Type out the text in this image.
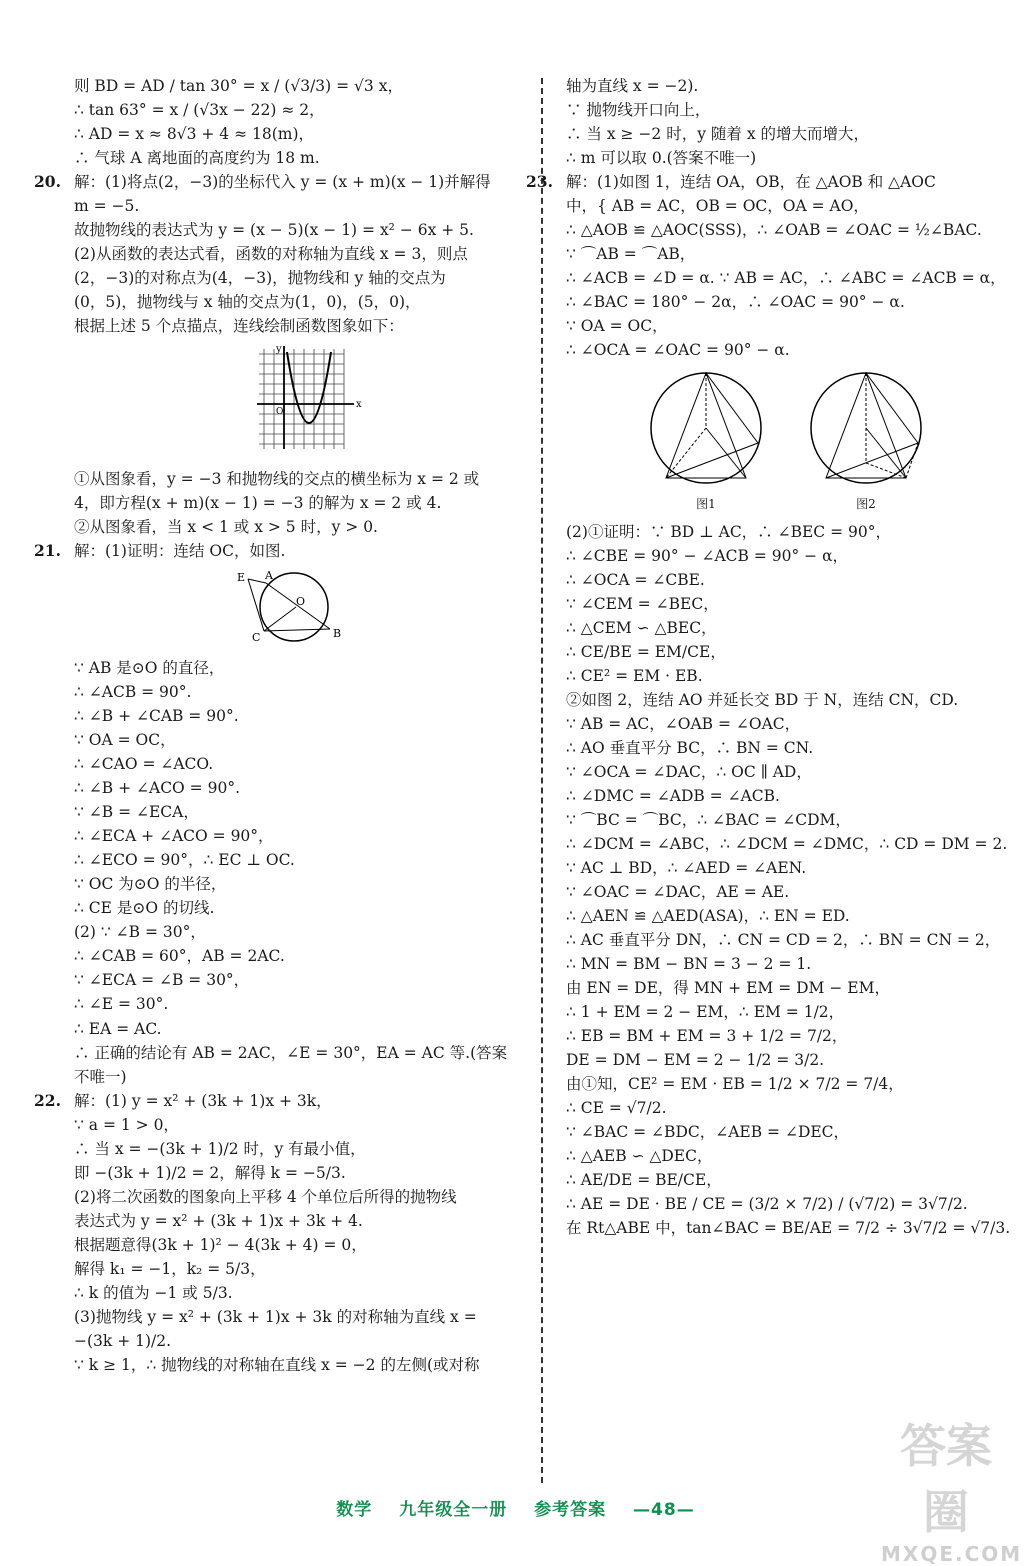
则 BD = AD / tan 30° = x / (√3/3) = √3 x，

∴ tan 63° = x / (√3x − 22) ≈ 2，

∴ AD = x ≈ 8√3 + 4 ≈ 18(m)，

∴ 气球 A 离地面的高度约为 18 m.

20. 解：(1)将点(2，−3)的坐标代入 y = (x + m)(x − 1)并解得

m = −5.

故抛物线的表达式为 y = (x − 5)(x − 1) = x² − 6x + 5.

(2)从函数的表达式看，函数的对称轴为直线 x = 3，则点

(2，−3)的对称点为(4，−3)，抛物线和 y 轴的交点为

(0，5)，抛物线与 x 轴的交点为(1，0)，(5，0)，

根据上述 5 个点描点，连线绘制函数图象如下：

y
x
O

①从图象看，y = −3 和抛物线的交点的横坐标为 x = 2 或

4，即方程(x + m)(x − 1) = −3 的解为 x = 2 或 4.

②从图象看，当 x < 1 或 x > 5 时，y > 0.

21. 解：(1)证明：连结 OC，如图.

E A
O
C	B

∵ AB 是⊙O 的直径，

∴ ∠ACB = 90°.

∴ ∠B + ∠CAB = 90°.

∵ OA = OC，

∴ ∠CAO = ∠ACO.

∴ ∠B + ∠ACO = 90°.

∵ ∠B = ∠ECA，

∴ ∠ECA + ∠ACO = 90°，

∴ ∠ECO = 90°，∴ EC ⊥ OC.

∵ OC 为⊙O 的半径，

∴ CE 是⊙O 的切线.

(2) ∵ ∠B = 30°，

∴ ∠CAB = 60°，AB = 2AC.

∵ ∠ECA = ∠B = 30°，

∴ ∠E = 30°.

∴ EA = AC.

∴ 正确的结论有 AB = 2AC，∠E = 30°，EA = AC 等.(答案

不唯一)

22. 解：(1) y = x² + (3k + 1)x + 3k，

∵ a = 1 > 0，

∴ 当 x = −(3k + 1)/2 时，y 有最小值，

即 −(3k + 1)/2 = 2，解得 k = −5/3.

(2)将二次函数的图象向上平移 4 个单位后所得的抛物线

表达式为 y = x² + (3k + 1)x + 3k + 4.

根据题意得(3k + 1)² − 4(3k + 4) = 0，

解得 k₁ = −1，k₂ = 5/3，

∴ k 的值为 −1 或 5/3.

(3)抛物线 y = x² + (3k + 1)x + 3k 的对称轴为直线 x =

−(3k + 1)/2.

∵ k ≥ 1，∴ 抛物线的对称轴在直线 x = −2 的左侧(或对称

轴为直线 x = −2).

∵ 抛物线开口向上，

∴ 当 x ≥ −2 时，y 随着 x 的增大而增大，

∴ m 可以取 0.(答案不唯一)

23. 解：(1)如图 1，连结 OA，OB，在 △AOB 和 △AOC

中，{ AB = AC，OB = OC，OA = AO，

∴ △AOB ≌ △AOC(SSS)，∴ ∠OAB = ∠OAC = ½∠BAC.

∵ ⌒AB = ⌒AB，

∴ ∠ACB = ∠D = α. ∵ AB = AC，∴ ∠ABC = ∠ACB = α，

∴ ∠BAC = 180° − 2α，∴ ∠OAC = 90° − α.

∵ OA = OC，

∴ ∠OCA = ∠OAC = 90° − α.

图1	图2

(2)①证明：∵ BD ⊥ AC，∴ ∠BEC = 90°，

∴ ∠CBE = 90° − ∠ACB = 90° − α，

∴ ∠OCA = ∠CBE.

∵ ∠CEM = ∠BEC，

∴ △CEM ∽ △BEC，

∴ CE/BE = EM/CE，

∴ CE² = EM · EB.

②如图 2，连结 AO 并延长交 BD 于 N，连结 CN，CD.

∵ AB = AC，∠OAB = ∠OAC，

∴ AO 垂直平分 BC，∴ BN = CN.

∵ ∠OCA = ∠DAC，∴ OC ∥ AD，

∴ ∠DMC = ∠ADB = ∠ACB.

∵ ⌒BC = ⌒BC，∴ ∠BAC = ∠CDM，

∴ ∠DCM = ∠ABC，∴ ∠DCM = ∠DMC，∴ CD = DM = 2.

∵ AC ⊥ BD，∴ ∠AED = ∠AEN.

∵ ∠OAC = ∠DAC，AE = AE.

∴ △AEN ≌ △AED(ASA)，∴ EN = ED.

∴ AC 垂直平分 DN，∴ CN = CD = 2，∴ BN = CN = 2，

∴ MN = BM − BN = 3 − 2 = 1.

由 EN = DE，得 MN + EM = DM − EM，

∴ 1 + EM = 2 − EM，∴ EM = 1/2，

∴ EB = BM + EM = 3 + 1/2 = 7/2，

DE = DM − EM = 2 − 1/2 = 3/2.

由①知，CE² = EM · EB = 1/2 × 7/2 = 7/4，

∴ CE = √7/2.

∵ ∠BAC = ∠BDC，∠AEB = ∠DEC，

∴ △AEB ∽ △DEC，

∴ AE/DE = BE/CE，

∴ AE = DE · BE / CE = (3/2 × 7/2) / (√7/2) = 3√7/2.

在 Rt△ABE 中，tan∠BAC = BE/AE = 7/2 ÷ 3√7/2 = √7/3.

答案圈
MXQE.COM
数学 九年级全一册 参考答案 —48—
